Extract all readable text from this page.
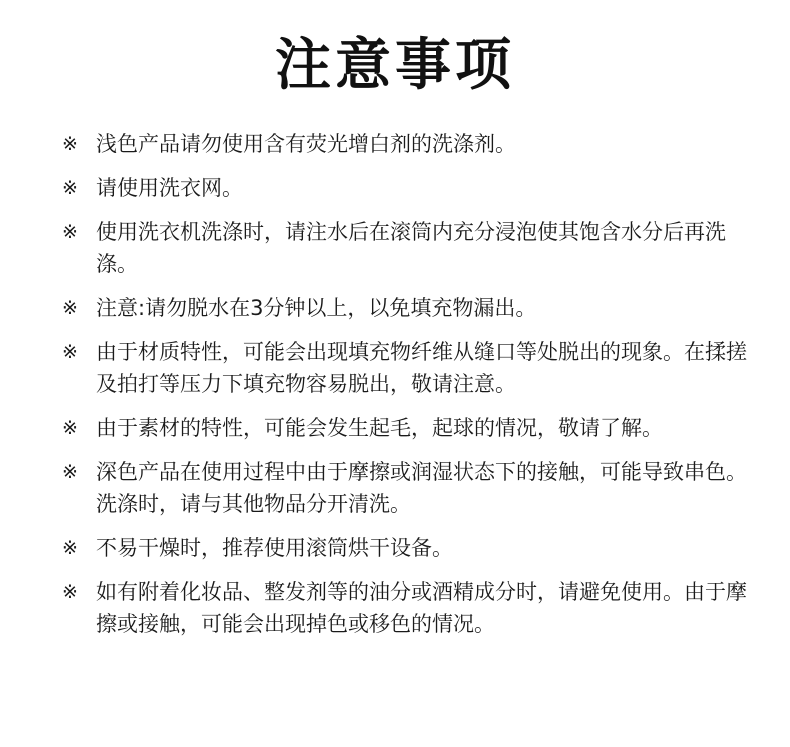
注意事项
※ 浅色产品请勿使用含有荧光增白剂的洗涤剂。
※ 请使用洗衣网。
※ 使用洗衣机洗涤时，请注水后在滚筒内充分浸泡使其饱含水分后再洗涤。
※ 注意:请勿脱水在3分钟以上，以免填充物漏出。
※ 由于材质特性，可能会出现填充物纤维从缝口等处脱出的现象。在揉搓及拍打等压力下填充物容易脱出，敬请注意。
※ 由于素材的特性，可能会发生起毛，起球的情况，敬请了解。
※ 深色产品在使用过程中由于摩擦或润湿状态下的接触，可能导致串色。洗涤时，请与其他物品分开清洗。
※ 不易干燥时，推荐使用滚筒烘干设备。
※ 如有附着化妆品、整发剂等的油分或酒精成分时，请避免使用。由于摩擦或接触，可能会出现掉色或移色的情况。
